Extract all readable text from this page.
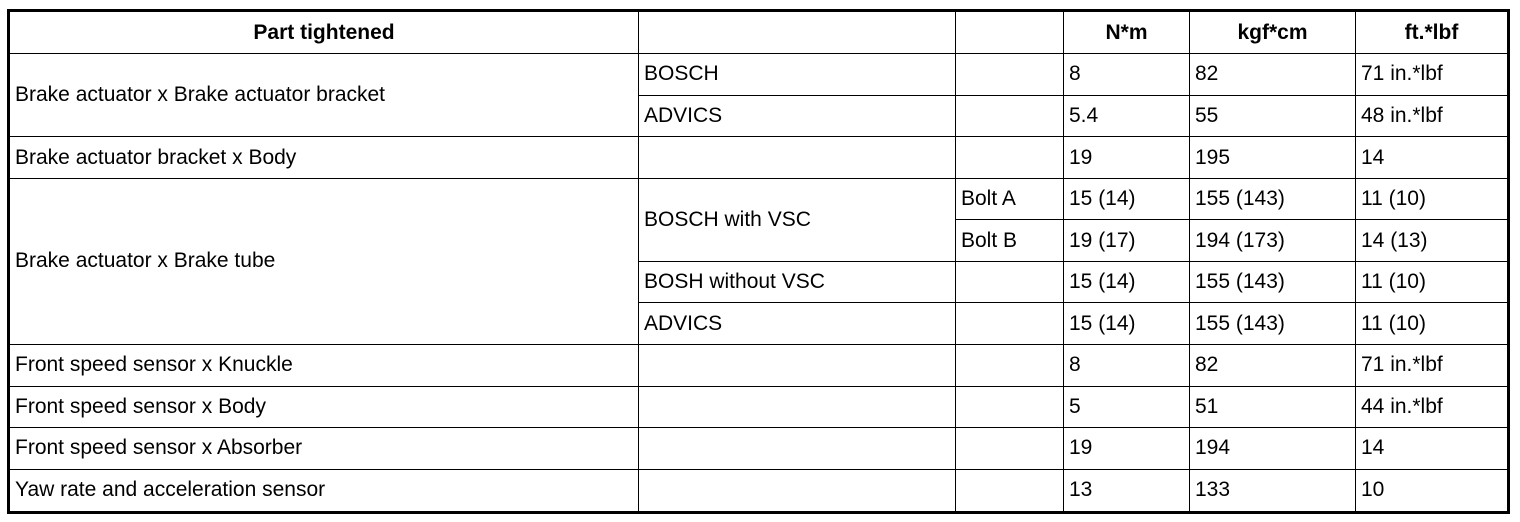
Part tightened			N*m	kgf*cm	ft.*lbf
Brake actuator x Brake actuator bracket	BOSCH		8	82	71 in.*lbf
	ADVICS		5.4	55	48 in.*lbf
Brake actuator bracket x Body			19	195	14
Brake actuator x Brake tube	BOSCH with VSC	Bolt A	15 (14)	155 (143)	11 (10)
		Bolt B	19 (17)	194 (173)	14 (13)
	BOSH without VSC		15 (14)	155 (143)	11 (10)
	ADVICS		15 (14)	155 (143)	11 (10)
Front speed sensor x Knuckle			8	82	71 in.*lbf
Front speed sensor x Body			5	51	44 in.*lbf
Front speed sensor x Absorber			19	194	14
Yaw rate and acceleration sensor			13	133	10
